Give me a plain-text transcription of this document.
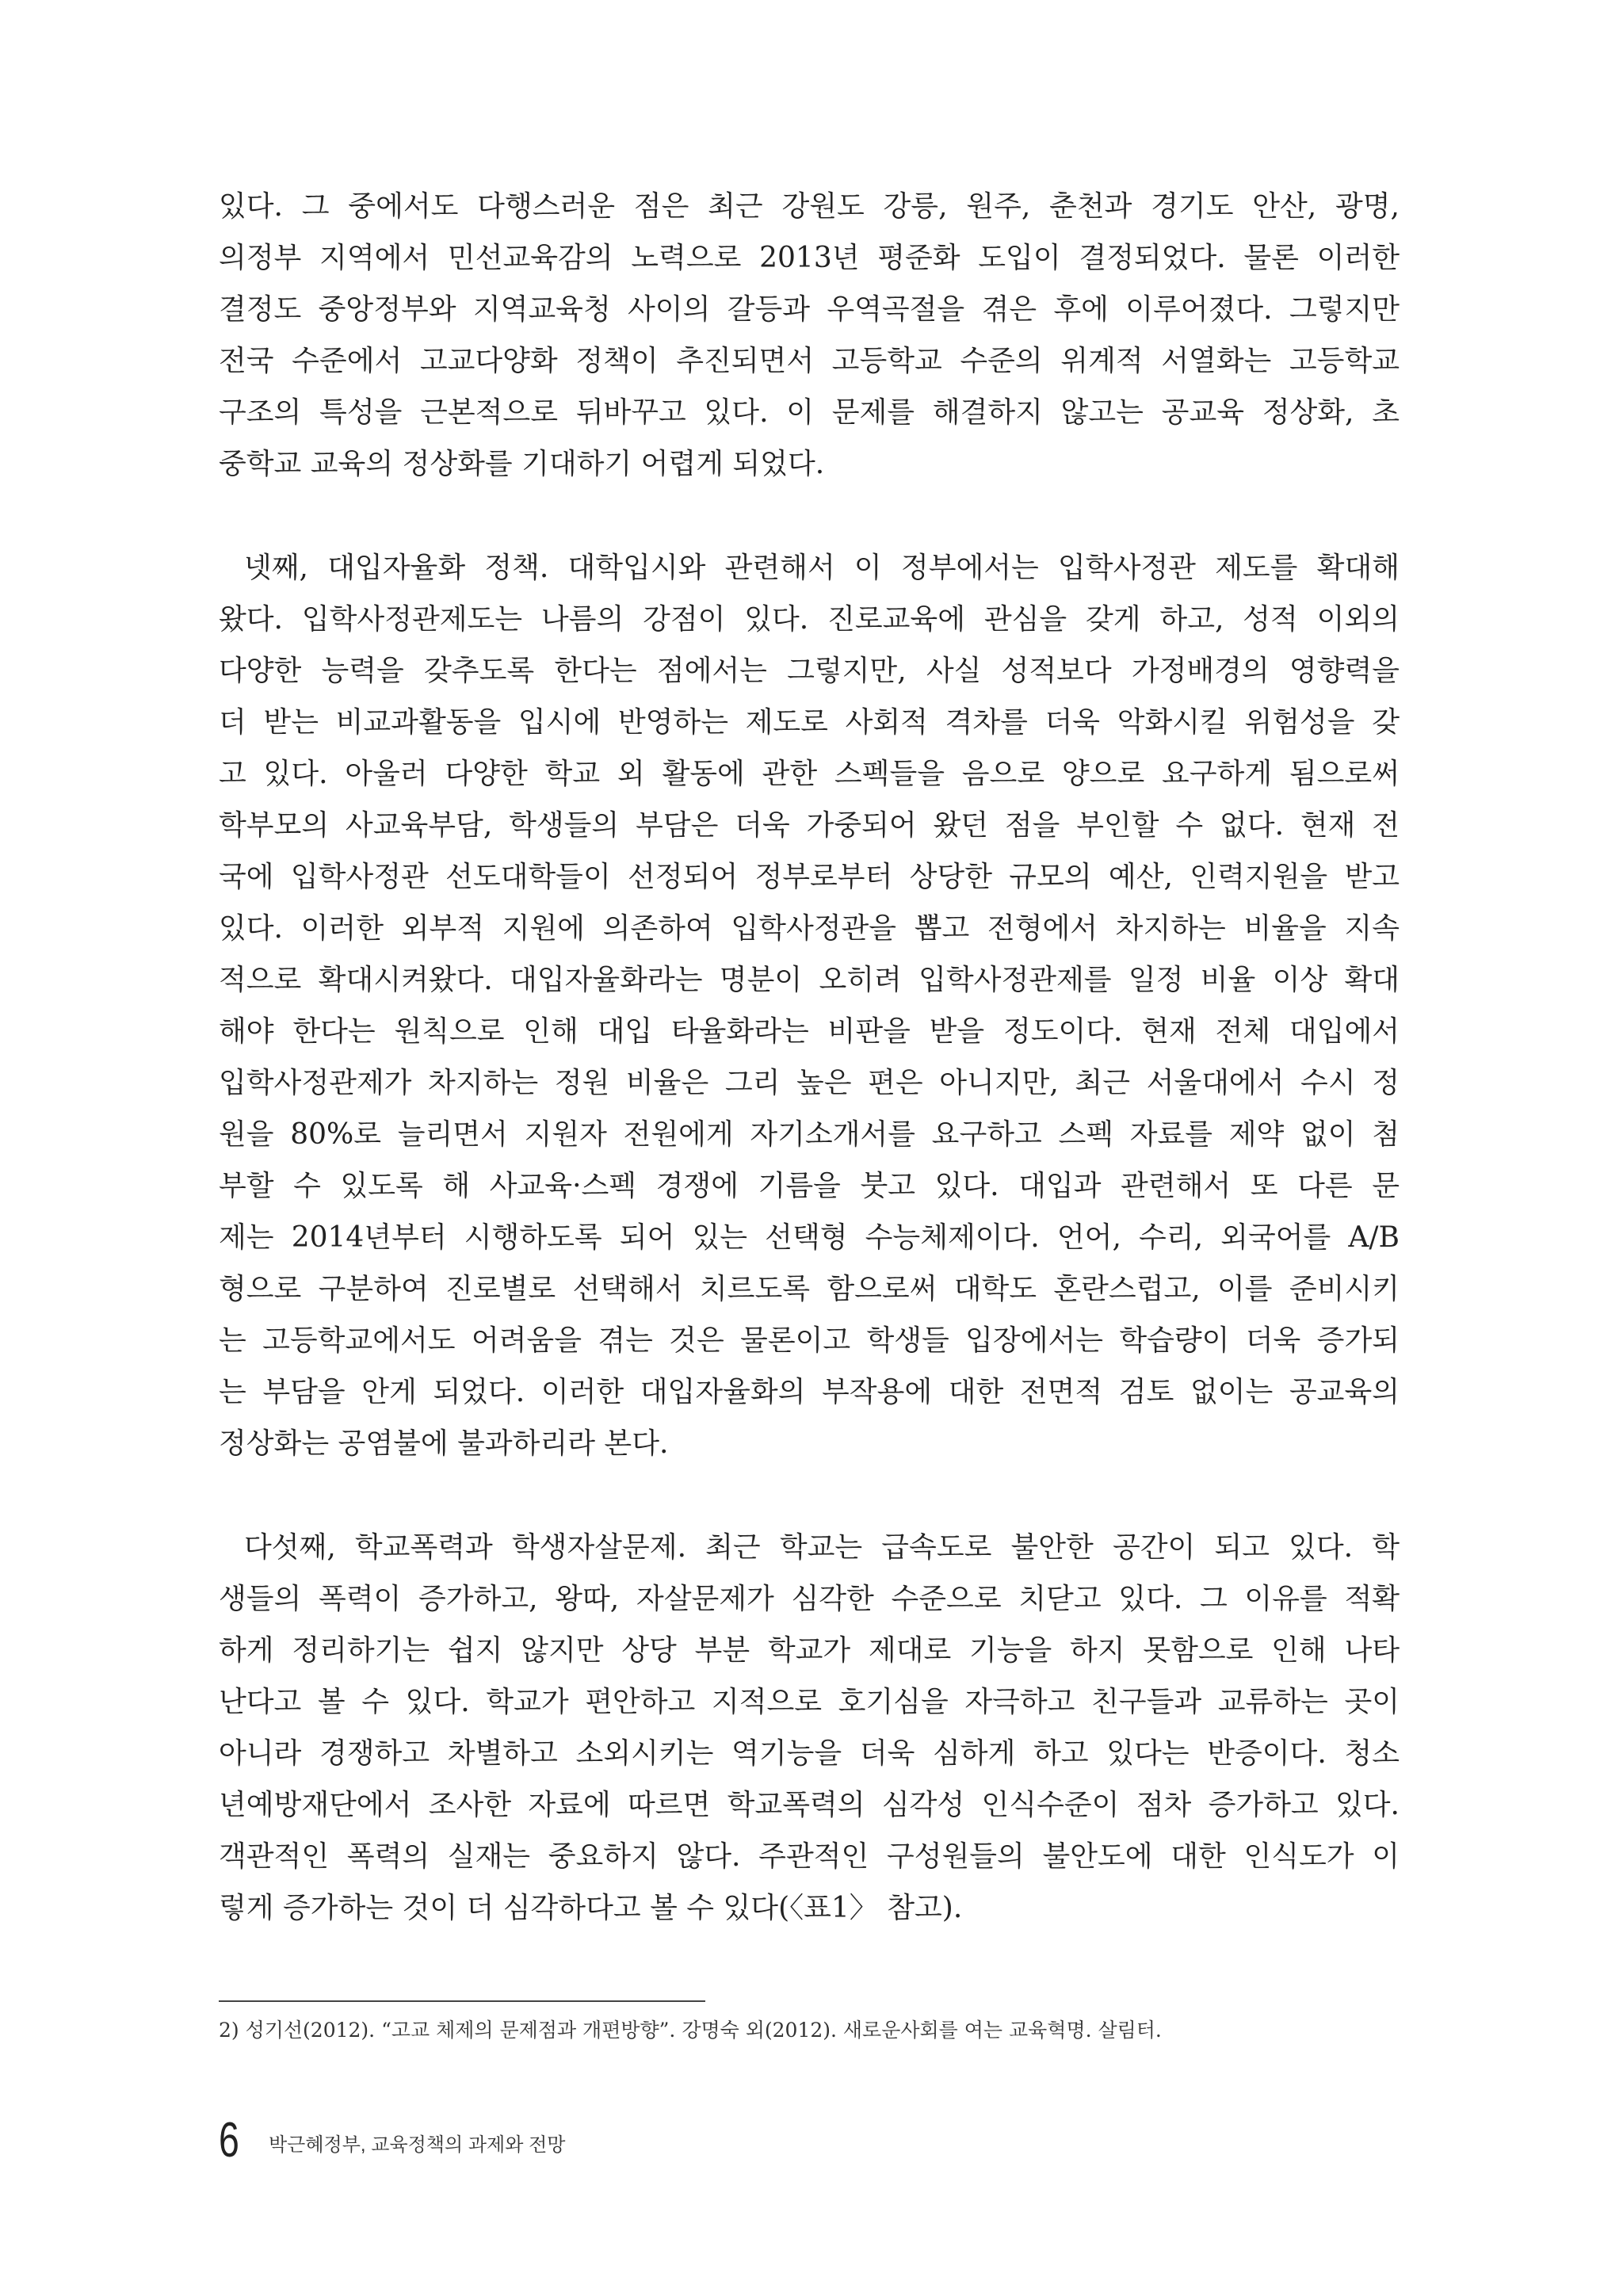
있다. 그 중에서도 다행스러운 점은 최근 강원도 강릉, 원주, 춘천과 경기도 안산, 광명,
의정부 지역에서 민선교육감의 노력으로 2013년 평준화 도입이 결정되었다. 물론 이러한
결정도 중앙정부와 지역교육청 사이의 갈등과 우역곡절을 겪은 후에 이루어졌다. 그렇지만
전국 수준에서 고교다양화 정책이 추진되면서 고등학교 수준의 위계적 서열화는 고등학교
구조의 특성을 근본적으로 뒤바꾸고 있다. 이 문제를 해결하지 않고는 공교육 정상화, 초
중학교 교육의 정상화를 기대하기 어렵게 되었다.
넷째, 대입자율화 정책. 대학입시와 관련해서 이 정부에서는 입학사정관 제도를 확대해
왔다. 입학사정관제도는 나름의 강점이 있다. 진로교육에 관심을 갖게 하고, 성적 이외의
다양한 능력을 갖추도록 한다는 점에서는 그렇지만, 사실 성적보다 가정배경의 영향력을
더 받는 비교과활동을 입시에 반영하는 제도로 사회적 격차를 더욱 악화시킬 위험성을 갖
고 있다. 아울러 다양한 학교 외 활동에 관한 스펙들을 음으로 양으로 요구하게 됨으로써
학부모의 사교육부담, 학생들의 부담은 더욱 가중되어 왔던 점을 부인할 수 없다. 현재 전
국에 입학사정관 선도대학들이 선정되어 정부로부터 상당한 규모의 예산, 인력지원을 받고
있다. 이러한 외부적 지원에 의존하여 입학사정관을 뽑고 전형에서 차지하는 비율을 지속
적으로 확대시켜왔다. 대입자율화라는 명분이 오히려 입학사정관제를 일정 비율 이상 확대
해야 한다는 원칙으로 인해 대입 타율화라는 비판을 받을 정도이다. 현재 전체 대입에서
입학사정관제가 차지하는 정원 비율은 그리 높은 편은 아니지만, 최근 서울대에서 수시 정
원을 80%로 늘리면서 지원자 전원에게 자기소개서를 요구하고 스펙 자료를 제약 없이 첨
부할 수 있도록 해 사교육·스펙 경쟁에 기름을 붓고 있다. 대입과 관련해서 또 다른 문
제는 2014년부터 시행하도록 되어 있는 선택형 수능체제이다. 언어, 수리, 외국어를 A/B
형으로 구분하여 진로별로 선택해서 치르도록 함으로써 대학도 혼란스럽고, 이를 준비시키
는 고등학교에서도 어려움을 겪는 것은 물론이고 학생들 입장에서는 학습량이 더욱 증가되
는 부담을 안게 되었다. 이러한 대입자율화의 부작용에 대한 전면적 검토 없이는 공교육의
정상화는 공염불에 불과하리라 본다.
다섯째, 학교폭력과 학생자살문제. 최근 학교는 급속도로 불안한 공간이 되고 있다. 학
생들의 폭력이 증가하고, 왕따, 자살문제가 심각한 수준으로 치닫고 있다. 그 이유를 적확
하게 정리하기는 쉽지 않지만 상당 부분 학교가 제대로 기능을 하지 못함으로 인해 나타
난다고 볼 수 있다. 학교가 편안하고 지적으로 호기심을 자극하고 친구들과 교류하는 곳이
아니라 경쟁하고 차별하고 소외시키는 역기능을 더욱 심하게 하고 있다는 반증이다. 청소
년예방재단에서 조사한 자료에 따르면 학교폭력의 심각성 인식수준이 점차 증가하고 있다.
객관적인 폭력의 실재는 중요하지 않다. 주관적인 구성원들의 불안도에 대한 인식도가 이
렇게 증가하는 것이 더 심각하다고 볼 수 있다(〈표1〉 참고).
2) 성기선(2012). “고교 체제의 문제점과 개편방향”. 강명숙 외(2012). 새로운사회를 여는 교육혁명. 살림터.
6 박근혜정부, 교육정책의 과제와 전망
